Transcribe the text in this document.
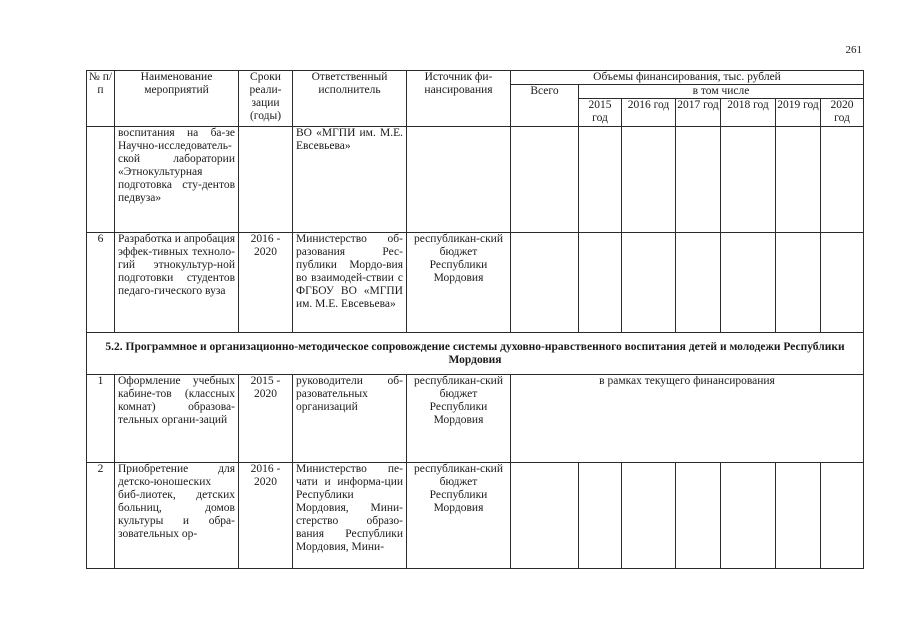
261
№ п/п	Наименование мероприятий	Сроки реали-зации (годы)	Ответственный исполнитель	Источник фи-нансирования	Объемы финансирования, тыс. рублей						
					Всего	в том числе					
						2015 год	2016 год	2017 год	2018 год	2019 год	2020 год
	воспитания на ба-зе Научно-исследователь-ской лаборатории «Этнокультурная подготовка сту-дентов педвуза»		ВО «МГПИ им. М.Е. Евсевьева»								
6	Разработка и апробация эффек-тивных техноло-гий этнокультур-ной подготовки студентов педаго-гического вуза	2016 - 2020	Министерство об-разования Рес-публики Мордо-вия во взаимодей-ствии с ФГБОУ ВО «МГПИ им. М.Е. Евсевьева»	республикан-ский бюджет Республики Мордовия							
5.2. Программное и организационно-методическое сопровождение системы духовно-нравственного воспитания детей и молодежи Республики Мордовия											
1	Оформление учебных кабине-тов (классных комнат) образова-тельных органи-заций	2015 - 2020	руководители об-разовательных организаций	республикан-ский бюджет Республики Мордовия	в рамках текущего финансирования						
2	Приобретение для детско-юношеских биб-лиотек, детских больниц, домов культуры и обра-зовательных ор-	2016 - 2020	Министерство пе-чати и информа-ции Республики Мордовия, Мини-стерство образо-вания Республики Мордовия, Мини-	республикан-ский бюджет Республики Мордовия							
